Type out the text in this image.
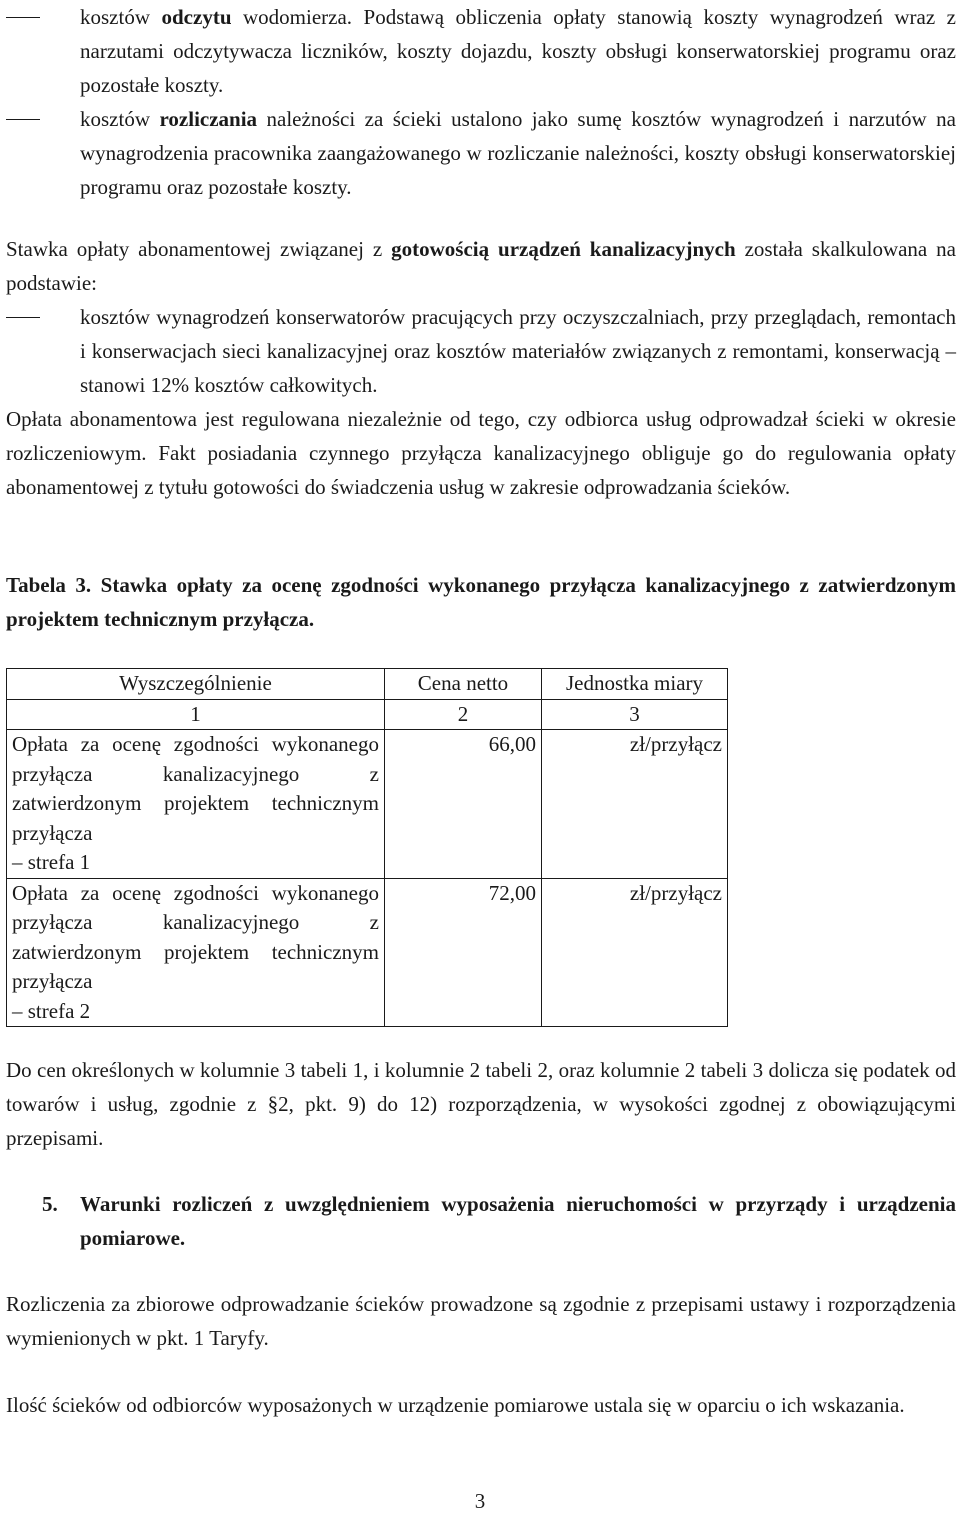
kosztów odczytu wodomierza. Podstawą obliczenia opłaty stanowią koszty wynagrodzeń wraz z narzutami odczytywacza liczników, koszty dojazdu, koszty obsługi konserwatorskiej programu oraz pozostałe koszty.

kosztów rozliczania należności za ścieki ustalono jako sumę kosztów wynagrodzeń i narzutów na wynagrodzenia pracownika zaangażowanego w rozliczanie należności, koszty obsługi konserwatorskiej programu oraz pozostałe koszty.

Stawka opłaty abonamentowej związanej z gotowością urządzeń kanalizacyjnych została skalkulowana na podstawie:

kosztów wynagrodzeń konserwatorów pracujących przy oczyszczalniach, przy przeglądach, remontach i konserwacjach sieci kanalizacyjnej oraz kosztów materiałów związanych z remontami, konserwacją – stanowi 12% kosztów całkowitych.

Opłata abonamentowa jest regulowana niezależnie od tego, czy odbiorca usług odprowadzał ścieki w okresie rozliczeniowym. Fakt posiadania czynnego przyłącza kanalizacyjnego obliguje go do regulowania opłaty abonamentowej z tytułu gotowości do świadczenia usług w zakresie odprowadzania ścieków.

Tabela 3. Stawka opłaty za ocenę zgodności wykonanego przyłącza kanalizacyjnego z zatwierdzonym projektem technicznym przyłącza.

Wyszczególnienie	Cena netto	Jednostka miary
1	2	3
Opłata za ocenę zgodności wykonanego przyłącza kanalizacyjnego z zatwierdzonym projektem technicznym przyłącza
– strefa 1	66,00	zł/przyłącz
Opłata za ocenę zgodności wykonanego przyłącza kanalizacyjnego z zatwierdzonym projektem technicznym przyłącza
– strefa 2	72,00	zł/przyłącz

Do cen określonych w kolumnie 3 tabeli 1, i kolumnie 2 tabeli 2, oraz kolumnie 2 tabeli 3 dolicza się podatek od towarów i usług, zgodnie z §2, pkt. 9) do 12) rozporządzenia, w wysokości zgodnej z obowiązującymi przepisami.

5. Warunki rozliczeń z uwzględnieniem wyposażenia nieruchomości w przyrządy i urządzenia pomiarowe.

Rozliczenia za zbiorowe odprowadzanie ścieków prowadzone są zgodnie z przepisami ustawy i rozporządzenia wymienionych w pkt. 1 Taryfy.

Ilość ścieków od odbiorców wyposażonych w urządzenie pomiarowe ustala się w oparciu o ich wskazania.

3
